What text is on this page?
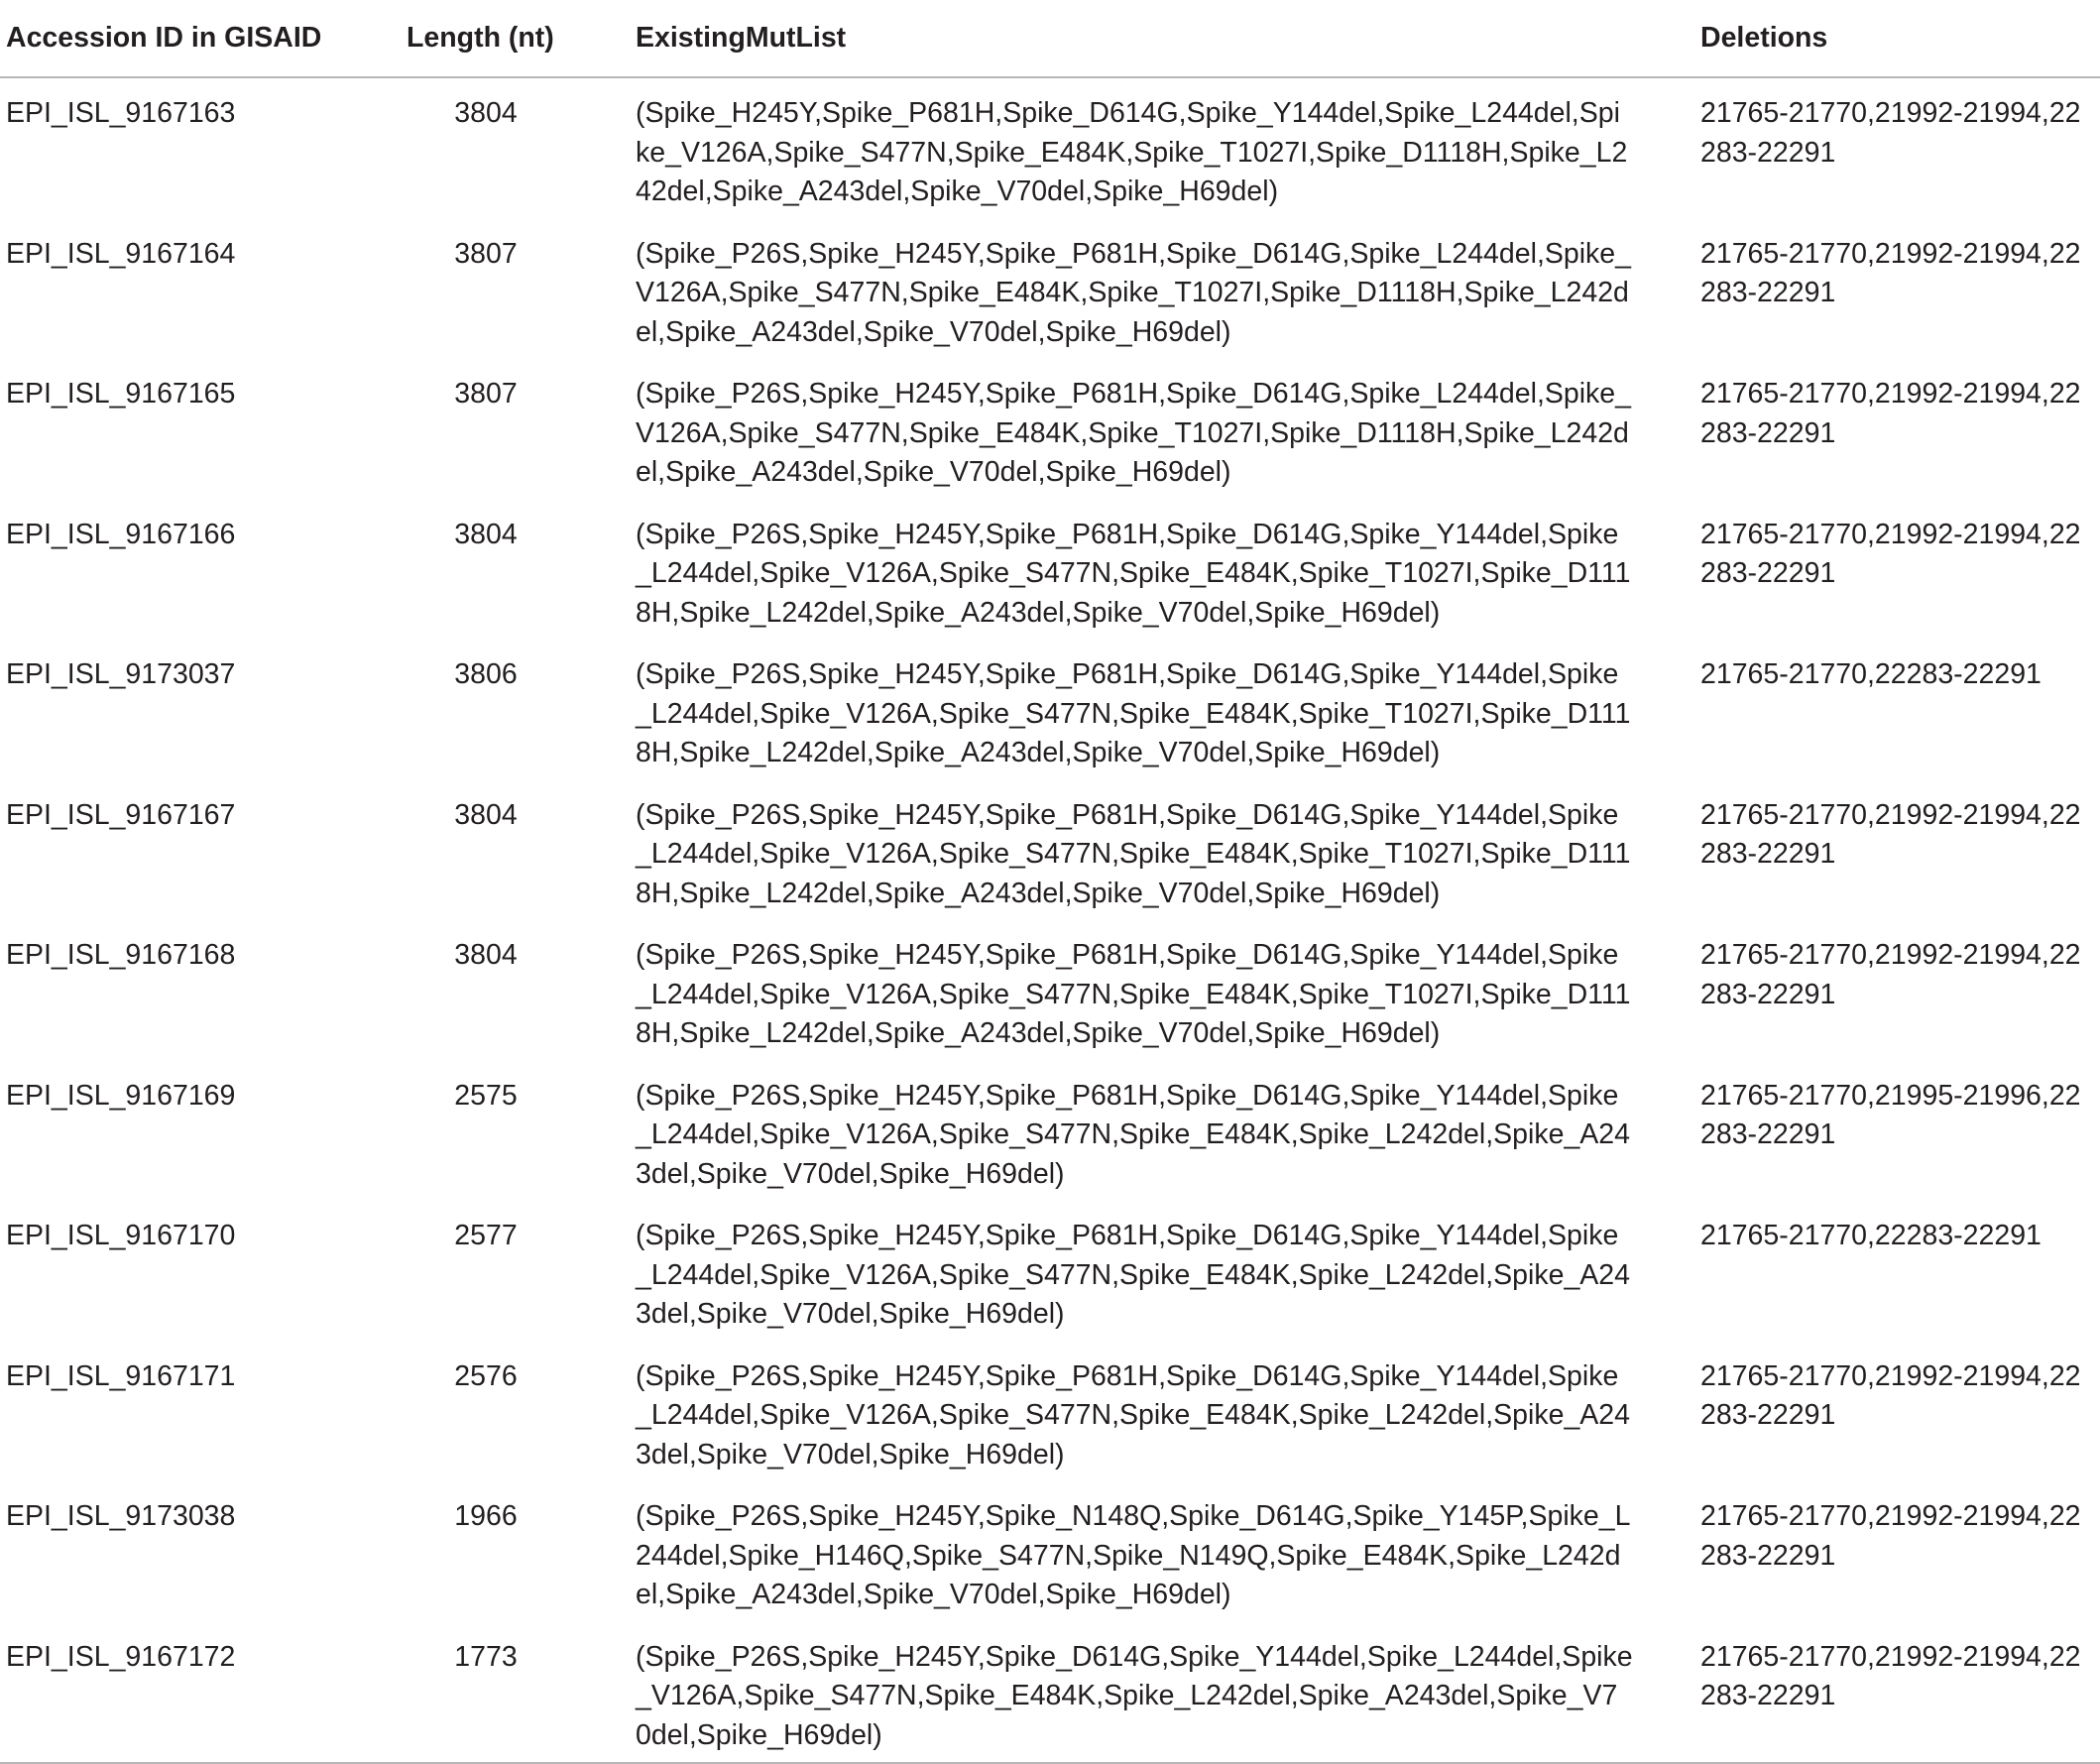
Accession ID in GISAID	Length (nt)	ExistingMutList	Deletions
EPI_ISL_9167163	3804	(Spike_H245Y,Spike_P681H,Spike_D614G,Spike_Y144del,Spike_L244del,Spike_V126A,Spike_S477N,Spike_E484K,Spike_T1027I,Spike_D1118H,Spike_L242del,Spike_A243del,Spike_V70del,Spike_H69del)	21765-21770,21992-21994,22283-22291
EPI_ISL_9167164	3807	(Spike_P26S,Spike_H245Y,Spike_P681H,Spike_D614G,Spike_L244del,Spike_V126A,Spike_S477N,Spike_E484K,Spike_T1027I,Spike_D1118H,Spike_L242del,Spike_A243del,Spike_V70del,Spike_H69del)	21765-21770,21992-21994,22283-22291
EPI_ISL_9167165	3807	(Spike_P26S,Spike_H245Y,Spike_P681H,Spike_D614G,Spike_L244del,Spike_V126A,Spike_S477N,Spike_E484K,Spike_T1027I,Spike_D1118H,Spike_L242del,Spike_A243del,Spike_V70del,Spike_H69del)	21765-21770,21992-21994,22283-22291
EPI_ISL_9167166	3804	(Spike_P26S,Spike_H245Y,Spike_P681H,Spike_D614G,Spike_Y144del,Spike_L244del,Spike_V126A,Spike_S477N,Spike_E484K,Spike_T1027I,Spike_D1118H,Spike_L242del,Spike_A243del,Spike_V70del,Spike_H69del)	21765-21770,21992-21994,22283-22291
EPI_ISL_9173037	3806	(Spike_P26S,Spike_H245Y,Spike_P681H,Spike_D614G,Spike_Y144del,Spike_L244del,Spike_V126A,Spike_S477N,Spike_E484K,Spike_T1027I,Spike_D1118H,Spike_L242del,Spike_A243del,Spike_V70del,Spike_H69del)	21765-21770,22283-22291
EPI_ISL_9167167	3804	(Spike_P26S,Spike_H245Y,Spike_P681H,Spike_D614G,Spike_Y144del,Spike_L244del,Spike_V126A,Spike_S477N,Spike_E484K,Spike_T1027I,Spike_D1118H,Spike_L242del,Spike_A243del,Spike_V70del,Spike_H69del)	21765-21770,21992-21994,22283-22291
EPI_ISL_9167168	3804	(Spike_P26S,Spike_H245Y,Spike_P681H,Spike_D614G,Spike_Y144del,Spike_L244del,Spike_V126A,Spike_S477N,Spike_E484K,Spike_T1027I,Spike_D1118H,Spike_L242del,Spike_A243del,Spike_V70del,Spike_H69del)	21765-21770,21992-21994,22283-22291
EPI_ISL_9167169	2575	(Spike_P26S,Spike_H245Y,Spike_P681H,Spike_D614G,Spike_Y144del,Spike_L244del,Spike_V126A,Spike_S477N,Spike_E484K,Spike_L242del,Spike_A243del,Spike_V70del,Spike_H69del)	21765-21770,21995-21996,22283-22291
EPI_ISL_9167170	2577	(Spike_P26S,Spike_H245Y,Spike_P681H,Spike_D614G,Spike_Y144del,Spike_L244del,Spike_V126A,Spike_S477N,Spike_E484K,Spike_L242del,Spike_A243del,Spike_V70del,Spike_H69del)	21765-21770,22283-22291
EPI_ISL_9167171	2576	(Spike_P26S,Spike_H245Y,Spike_P681H,Spike_D614G,Spike_Y144del,Spike_L244del,Spike_V126A,Spike_S477N,Spike_E484K,Spike_L242del,Spike_A243del,Spike_V70del,Spike_H69del)	21765-21770,21992-21994,22283-22291
EPI_ISL_9173038	1966	(Spike_P26S,Spike_H245Y,Spike_N148Q,Spike_D614G,Spike_Y145P,Spike_L244del,Spike_H146Q,Spike_S477N,Spike_N149Q,Spike_E484K,Spike_L242del,Spike_A243del,Spike_V70del,Spike_H69del)	21765-21770,21992-21994,22283-22291
EPI_ISL_9167172	1773	(Spike_P26S,Spike_H245Y,Spike_D614G,Spike_Y144del,Spike_L244del,Spike_V126A,Spike_S477N,Spike_E484K,Spike_L242del,Spike_A243del,Spike_V70del,Spike_H69del)	21765-21770,21992-21994,22283-22291
